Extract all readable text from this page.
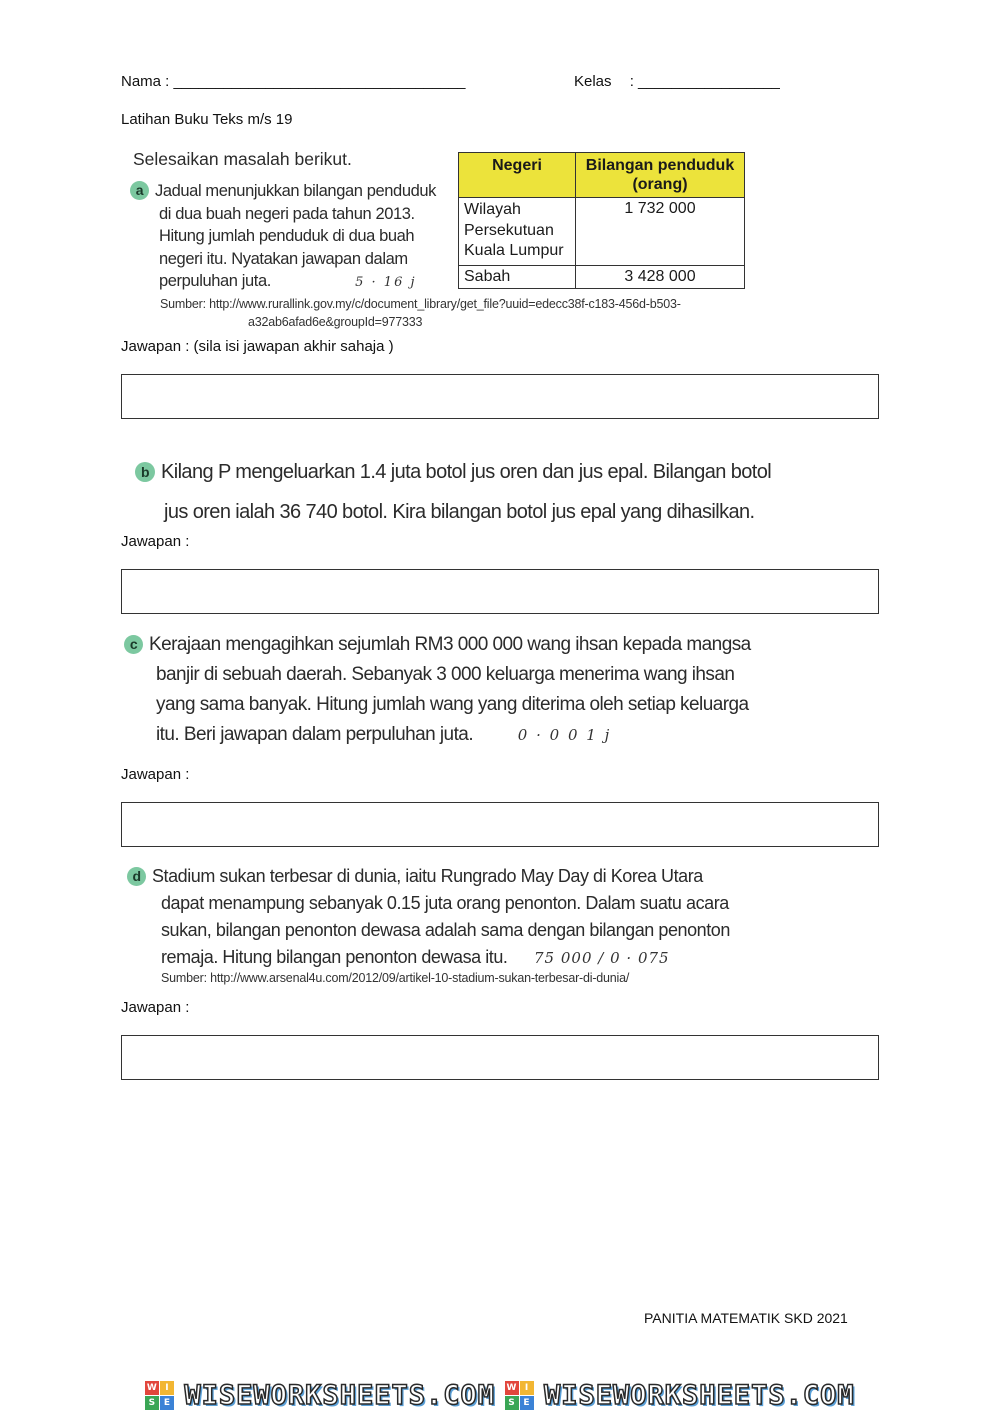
Nama : ___________________________________	Kelas : _________________
Latihan Buku Teks m/s 19
Selesaikan masalah berikut.
a Jadual menunjukkan bilangan penduduk
di dua buah negeri pada tahun 2013.
Hitung jumlah penduduk di dua buah
negeri itu. Nyatakan jawapan dalam
perpuluhan juta.	5 · 16 j
Negeri	Bilangan penduduk (orang)

Wilayah
Persekutuan
Kuala Lumpur	1 732 000
Sabah	3 428 000
Sumber: http://www.rurallink.gov.my/c/document_library/get_file?uuid=edecc38f-c183-456d-b503-
a32ab6afad6e&groupId=977333
Jawapan : (sila isi jawapan akhir sahaja )
b Kilang P mengeluarkan 1.4 juta botol jus oren dan jus epal. Bilangan botol
jus oren ialah 36 740 botol. Kira bilangan botol jus epal yang dihasilkan.
Jawapan :
c Kerajaan mengagihkan sejumlah RM3 000 000 wang ihsan kepada mangsa
banjir di sebuah daerah. Sebanyak 3 000 keluarga menerima wang ihsan
yang sama banyak. Hitung jumlah wang yang diterima oleh setiap keluarga
itu. Beri jawapan dalam perpuluhan juta.	0 · 0 0 1 j
Jawapan :
d Stadium sukan terbesar di dunia, iaitu Rungrado May Day di Korea Utara
dapat menampung sebanyak 0.15 juta orang penonton. Dalam suatu acara
sukan, bilangan penonton dewasa adalah sama dengan bilangan penonton
remaja. Hitung bilangan penonton dewasa itu. 75 000 / 0 · 075
Sumber: http://www.arsenal4u.com/2012/09/artikel-10-stadium-sukan-terbesar-di-dunia/
Jawapan :
PANITIA MATEMATIK SKD 2021
W I
S E WISEWORKSHEETS.COM W I
S E WISEWORKSHEETS.COM
